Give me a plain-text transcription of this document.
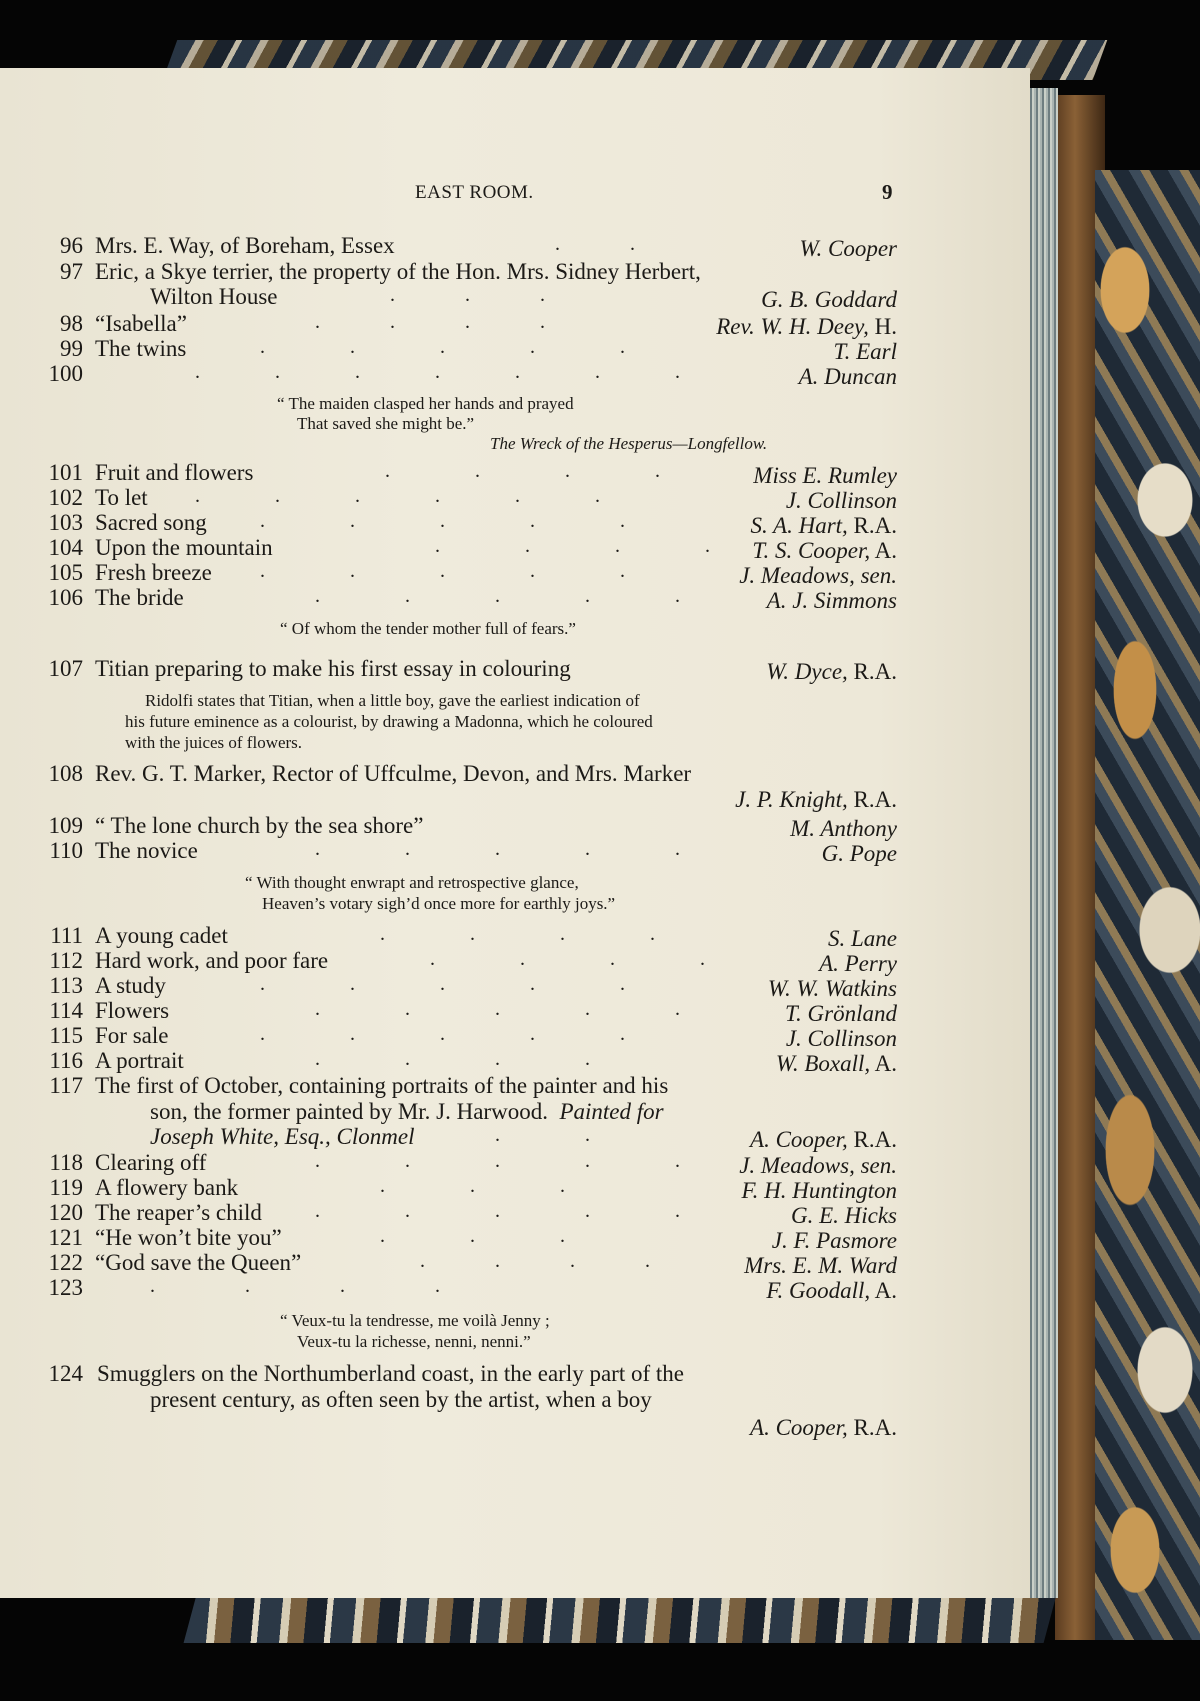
EAST ROOM.	9
96 Mrs. E. Way, of Boreham, Essex	.              .	W. Cooper
97 Eric, a Skye terrier, the property of the Hon. Mrs. Sidney Herbert,
Wilton House	.              .              .	G. B. Goddard
98 “Isabella”	.              .              .              .	Rev. W. H. Deey, H.
99 The twins	.                 .                 .                 .                 .	T. Earl
100	.               .               .               .               .               .               .	A. Duncan
“ The maiden clasped her hands and prayed
That saved she might be.”
The Wreck of the Hesperus—Longfellow.
101 Fruit and flowers	.                 .                 .                 .	Miss E. Rumley
102 To let .               .               .               .               .               .	J. Collinson
103 Sacred song	.                 .                 .                 .                 .	S. A. Hart, R.A.
104 Upon the mountain	.                 .                 .                 . T. S. Cooper, A.
105 Fresh breeze .                 .                 .                 .                 .	J. Meadows, sen.
106 The bride	.                 .                 .                 .                 .	A. J. Simmons
“ Of whom the tender mother full of fears.”
107 Titian preparing to make his first essay in colouring	W. Dyce, R.A.
Ridolfi states that Titian, when a little boy, gave the earliest indication of
his future eminence as a colourist, by drawing a Madonna, which he coloured
with the juices of flowers.
108 Rev. G. T. Marker, Rector of Uffculme, Devon, and Mrs. Marker
J. P. Knight, R.A.
109 “ The lone church by the sea shore”	M. Anthony
110 The novice	.                 .                 .                 .                 .	G. Pope
“ With thought enwrapt and retrospective glance,
Heaven’s votary sigh’d once more for earthly joys.”
111 A young cadet	.                 .                 .                 .	S. Lane
112 Hard work, and poor fare	.                 .                 .                 .	A. Perry
113 A study	.                 .                 .                 .                 .	W. W. Watkins
114 Flowers	.                 .                 .                 .                 .	T. Grönland
115 For sale	.                 .                 .                 .                 .	J. Collinson
116 A portrait	.                 .                 .                 .	W. Boxall, A.
117 The first of October, containing portraits of the painter and his
son, the former painted by Mr. J. Harwood. Painted for
Joseph White, Esq., Clonmel	.                 .	A. Cooper, R.A.
118 Clearing off	.                 .                 .                 .                 .	J. Meadows, sen.
119 A flowery bank	.                 .                 .	F. H. Huntington
120 The reaper’s child	.                 .                 .                 .                 .	G. E. Hicks
121 “He won’t bite you”	.                 .                 .	J. F. Pasmore
122 “God save the Queen”	.              .              .              .	Mrs. E. M. Ward
123	.                  .                  .                  .	F. Goodall, A.
“ Veux-tu la tendresse, me voilà Jenny ;
Veux-tu la richesse, nenni, nenni.”
124 Smugglers on the Northumberland coast, in the early part of the
present century, as often seen by the artist, when a boy
A. Cooper, R.A.
